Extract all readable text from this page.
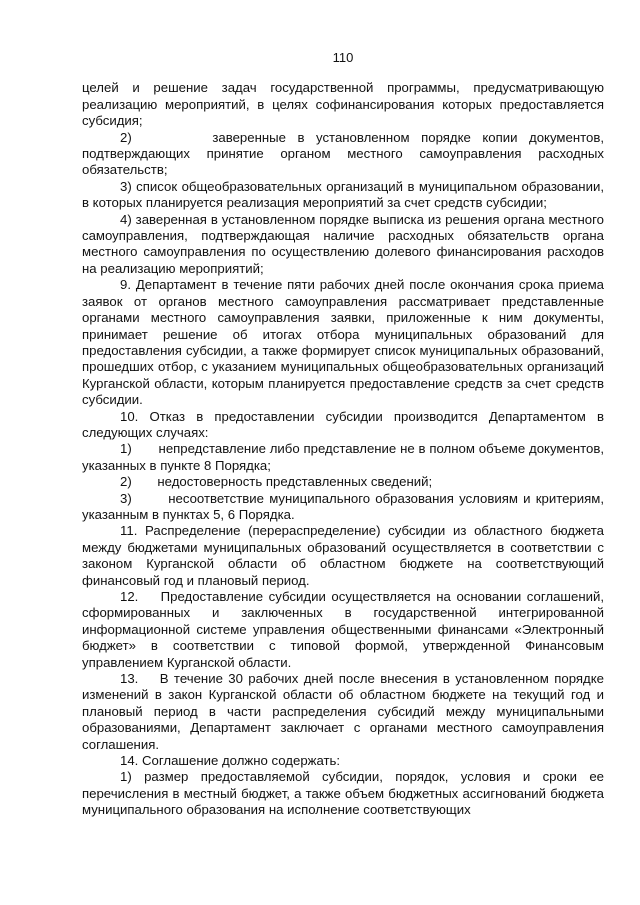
110

целей и решение задач государственной программы, предусматривающую реализацию мероприятий, в целях софинансирования которых предоставляется субсидия;

2)       заверенные в установленном порядке копии документов, подтверждающих принятие органом местного самоуправления расходных обязательств;

3) список общеобразовательных организаций в муниципальном образовании, в которых планируется реализация мероприятий за счет средств субсидии;

4) заверенная в установленном порядке выписка из решения органа местного самоуправления, подтверждающая наличие расходных обязательств органа местного самоуправления по осуществлению долевого финансирования расходов на реализацию мероприятий;

9. Департамент в течение пяти рабочих дней после окончания срока приема заявок от органов местного самоуправления рассматривает представленные органами местного самоуправления заявки, приложенные к ним документы, принимает решение об итогах отбора муниципальных образований для предоставления субсидии, а также формирует список муниципальных образований, прошедших отбор, с указанием муниципальных общеобразовательных организаций Курганской области, которым планируется предоставление средств за счет средств субсидии.

10. Отказ в предоставлении субсидии производится Департаментом в следующих случаях:

1)       непредставление либо представление не в полном объеме документов, указанных в пункте 8 Порядка;

2)       недостоверность представленных сведений;

3)       несоответствие муниципального образования условиям и критериям, указанным в пунктах 5, 6 Порядка.

11. Распределение (перераспределение) субсидии из областного бюджета между бюджетами муниципальных образований осуществляется в соответствии с законом Курганской области об областном бюджете на соответствующий финансовый год и плановый период.

12.    Предоставление субсидии осуществляется на основании соглашений, сформированных и заключенных в государственной интегрированной информационной системе управления общественными финансами «Электронный бюджет» в соответствии с типовой формой, утвержденной Финансовым управлением Курганской области.

13.    В течение 30 рабочих дней после внесения в установленном порядке изменений в закон Курганской области об областном бюджете на текущий год и плановый период в части распределения субсидий между муниципальными образованиями, Департамент заключает с органами местного самоуправления соглашения.

14. Соглашение должно содержать:

1) размер предоставляемой субсидии, порядок, условия и сроки ее перечисления в местный бюджет, а также объем бюджетных ассигнований бюджета муниципального образования на исполнение соответствующих
